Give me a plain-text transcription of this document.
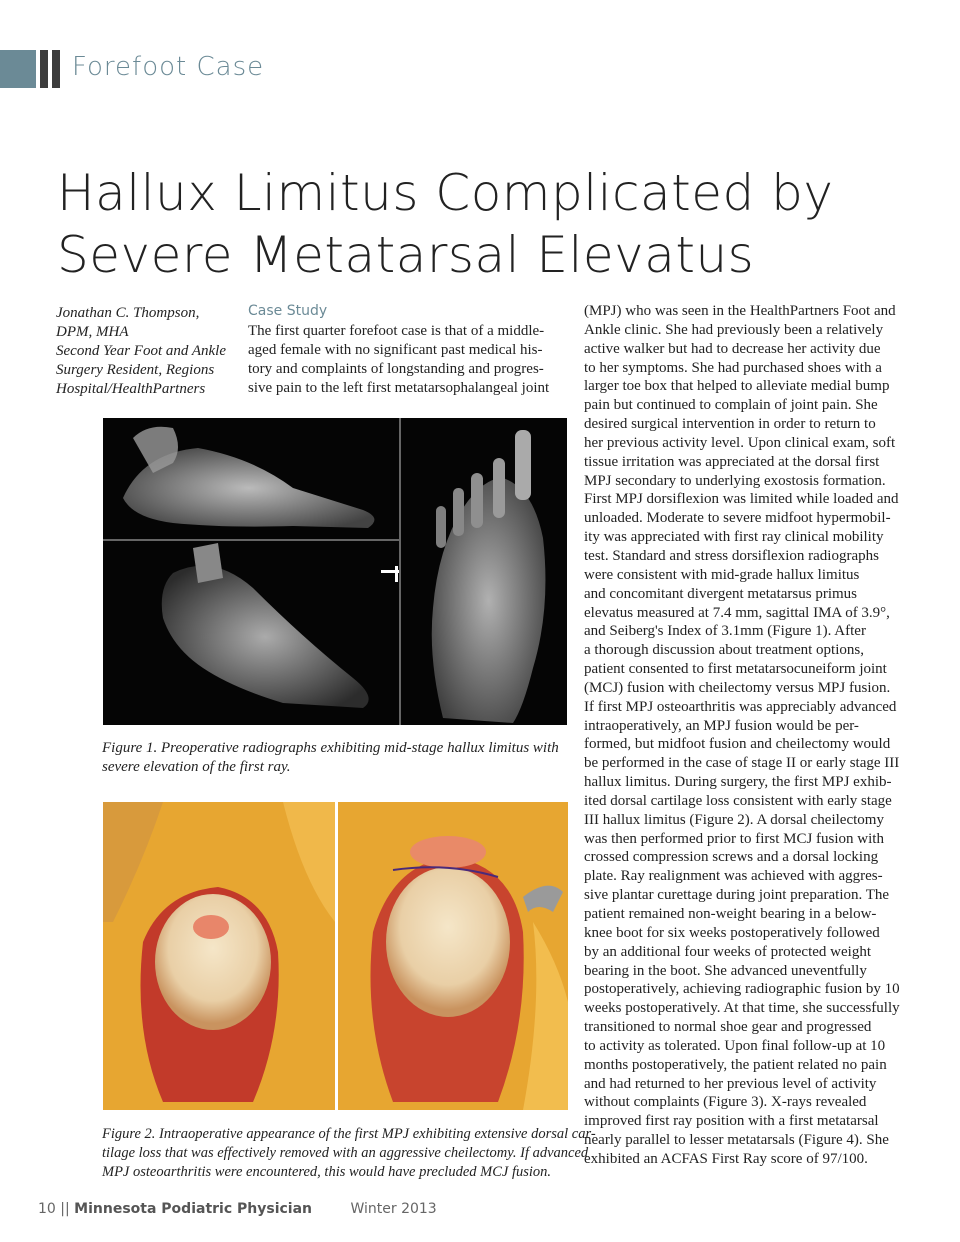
Forefoot Case
Hallux Limitus Complicated by
Severe Metatarsal Elevatus
Jonathan C. Thompson,
DPM, MHA
Second Year Foot and Ankle
Surgery Resident, Regions
Hospital/HealthPartners
Case Study
The first quarter forefoot case is that of a middle-
aged female with no significant past medical his-
tory and complaints of longstanding and progres-
sive pain to the left first metatarsophalangeal joint
(MPJ) who was seen in the HealthPartners Foot and
Ankle clinic. She had previously been a relatively
active walker but had to decrease her activity due
to her symptoms. She had purchased shoes with a
larger toe box that helped to alleviate medial bump
pain but continued to complain of joint pain. She
desired surgical intervention in order to return to
her previous activity level. Upon clinical exam, soft
tissue irritation was appreciated at the dorsal first
MPJ secondary to underlying exostosis formation.
First MPJ dorsiflexion was limited while loaded and
unloaded. Moderate to severe midfoot hypermobil-
ity was appreciated with first ray clinical mobility
test. Standard and stress dorsiflexion radiographs
were consistent with mid-grade hallux limitus
and concomitant divergent metatarsus primus
elevatus measured at 7.4 mm, sagittal IMA of 3.9°,
and Seiberg's Index of 3.1mm (Figure 1). After
a thorough discussion about treatment options,
patient consented to first metatarsocuneiform joint
(MCJ) fusion with cheilectomy versus MPJ fusion.
If first MPJ osteoarthritis was appreciably advanced
intraoperatively, an MPJ fusion would be per-
formed, but midfoot fusion and cheilectomy would
be performed in the case of stage II or early stage III
hallux limitus. During surgery, the first MPJ exhib-
ited dorsal cartilage loss consistent with early stage
III hallux limitus (Figure 2). A dorsal cheilectomy
was then performed prior to first MCJ fusion with
crossed compression screws and a dorsal locking
plate. Ray realignment was achieved with aggres-
sive plantar curettage during joint preparation. The
patient remained non-weight bearing in a below-
knee boot for six weeks postoperatively followed
by an additional four weeks of protected weight
bearing in the boot. She advanced uneventfully
postoperatively, achieving radiographic fusion by 10
weeks postoperatively. At that time, she successfully
transitioned to normal shoe gear and progressed
to activity as tolerated. Upon final follow-up at 10
months postoperatively, the patient related no pain
and had returned to her previous level of activity
without complaints (Figure 3). X-rays revealed
improved first ray position with a first metatarsal
nearly parallel to lesser metatarsals (Figure 4). She
exhibited an ACFAS First Ray score of 97/100.
Figure 1. Preoperative radiographs exhibiting mid-stage hallux limitus with
severe elevation of the first ray.
Figure 2. Intraoperative appearance of the first MPJ exhibiting extensive dorsal car-
tilage loss that was effectively removed with an aggressive cheilectomy. If advanced
MPJ osteoarthritis were encountered, this would have precluded MCJ fusion.
10 || Minnesota Podiatric Physician	Winter 2013
